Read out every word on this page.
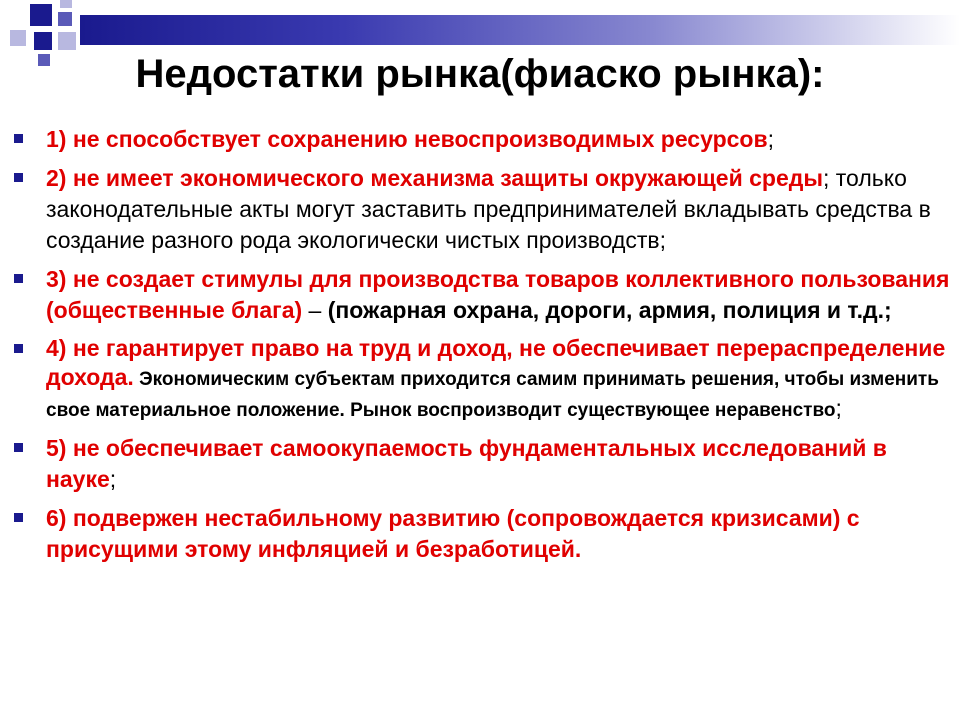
Недостатки рынка(фиаско рынка):
1) не способствует сохранению невоспроизводимых ресурсов;
2) не имеет экономического механизма защиты окружающей среды; только законодательные акты могут заставить предпринимателей вкладывать средства в создание разного рода экологически чистых производств;
3) не создает стимулы для производства товаров коллективного пользования (общественные блага) – (пожарная охрана, дороги, армия, полиция и т.д.;
4) не гарантирует право на труд и доход, не обеспечивает перераспределение дохода. Экономическим субъектам приходится самим принимать решения, чтобы изменить свое материальное положение. Рынок воспроизводит существующее неравенство;
5) не обеспечивает самоокупаемость фундаментальных исследований в науке;
6) подвержен нестабильному развитию (сопровождается кризисами) с присущими этому инфляцией и безработицей.
